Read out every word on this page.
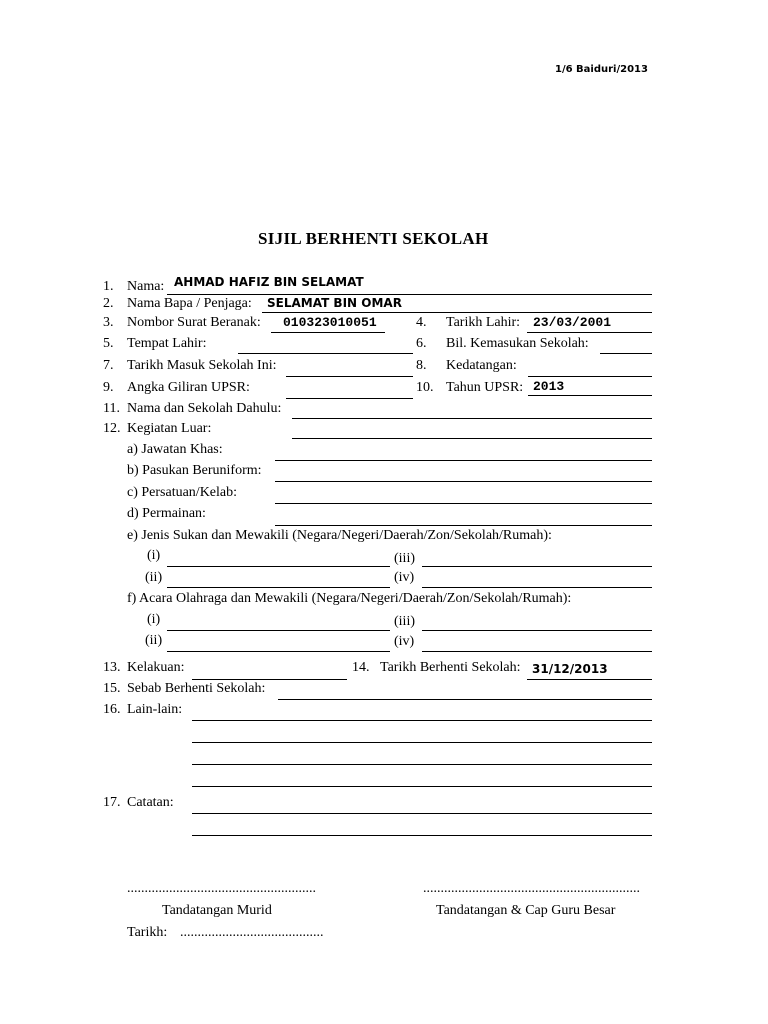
1/6 Baiduri/2013
SIJIL BERHENTI SEKOLAH
1. Nama: AHMAD HAFIZ BIN SELAMAT
2. Nama Bapa / Penjaga: SELAMAT BIN OMAR
3. Nombor Surat Beranak: 010323010051	4. Tarikh Lahir: 23/03/2001
5. Tempat Lahir:	6. Bil. Kemasukan Sekolah:
7. Tarikh Masuk Sekolah Ini:	8. Kedatangan:
9. Angka Giliran UPSR:	10. Tahun UPSR: 2013
11. Nama dan Sekolah Dahulu:
12. Kegiatan Luar:
a) Jawatan Khas:
b) Pasukan Beruniform:
c) Persatuan/Kelab:
d) Permainan:
e) Jenis Sukan dan Mewakili (Negara/Negeri/Daerah/Zon/Sekolah/Rumah):
(i)	(iii)
(ii)	(iv)
f) Acara Olahraga dan Mewakili (Negara/Negeri/Daerah/Zon/Sekolah/Rumah):
(i)	(iii)
(ii)	(iv)
13. Kelakuan:	14. Tarikh Berhenti Sekolah: 31/12/2013
15. Sebab Berhenti Sekolah:
16. Lain-lain:
17. Catatan:
......................................................	..............................................................
Tandatangan Murid	Tandatangan & Cap Guru Besar
Tarikh: .........................................
